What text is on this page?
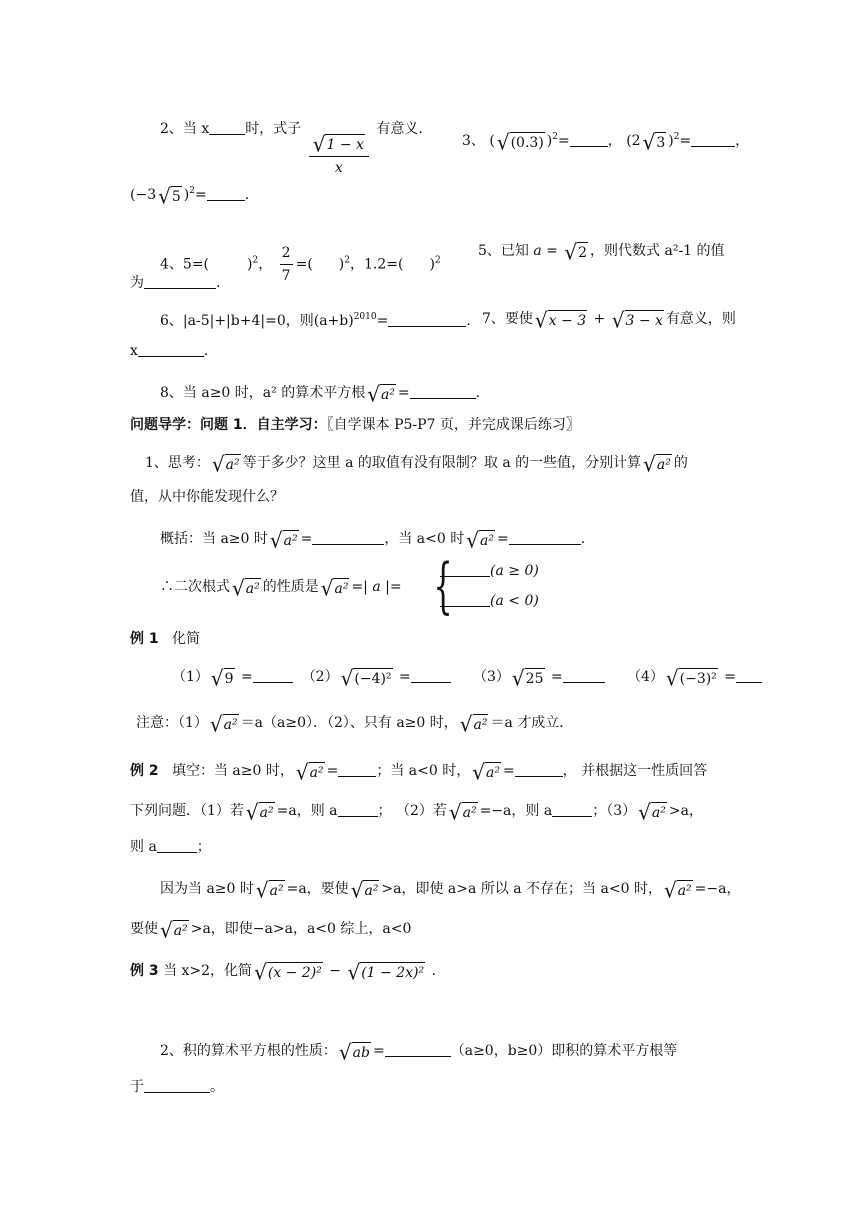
2、当 x	时，式子
$\frac{√ 1 - x}{x}$
有意义．
3、 ( √ (0.3) )$^2$=	， (2 √ 3 )$^2$=	，
(−3 √ 5 )$^2$=	.
4、5=(	)$^2$， $\frac{2}{7}$ =( )$^2$，1.2=( )$^2$
5、已知 a = √ 2 ，则代数式 a²-1 的值
为	.
6、|a-5|+|b+4|=0，则$(a+b)^{2010}=$	. 7、要使 √ x − 3 + √ 3 − x 有意义，则
x	.
8、当 a≥0 时，a² 的算术平方根 √ a² =	.
问题导学：问题 1．自主学习：〖自学课本 P5-P7 页，并完成课后练习〗
1、思考： √ a² 等于多少？这里 a 的取值有没有限制？取 a 的一些值，分别计算 √ a² 的
值，从中你能发现什么？
概括：当 a≥0 时 √ a² =	，当 a<0 时 √ a² =	.
∴二次根式 √ a² 的性质是 √ a² =| a |= {	(a ≥ 0)
(a < 0)
例 1 化简
（1） √ 9 =	（2） √ (−4)² =	（3） √ 25 =	（4） √ (−3)² =
注意：（1） √ a² ＝a（a≥0）．（2）、只有 a≥0 时， √ a² ＝a 才成立．
例 2 填空：当 a≥0 时， √ a² =	；当 a<0 时， √ a² =	， 并根据这一性质回答
下列问题．（1）若 √ a² =a，则 a	； （2）若 √ a² =−a，则 a	；（3） √ a² >a，
则 a	；
因为当 a≥0 时 √ a² =a，要使 √ a² >a，即使 a>a 所以 a 不存在；当 a<0 时， √ a² =−a，
要使 √ a² >a，即使−a>a，a<0 综上，a<0
例 3 当 x>2，化简 √ (x − 2)² − √ (1 − 2x)² .
2、积的算术平方根的性质： √ ab =	（a≥0，b≥0）即积的算术平方根等
于	。
